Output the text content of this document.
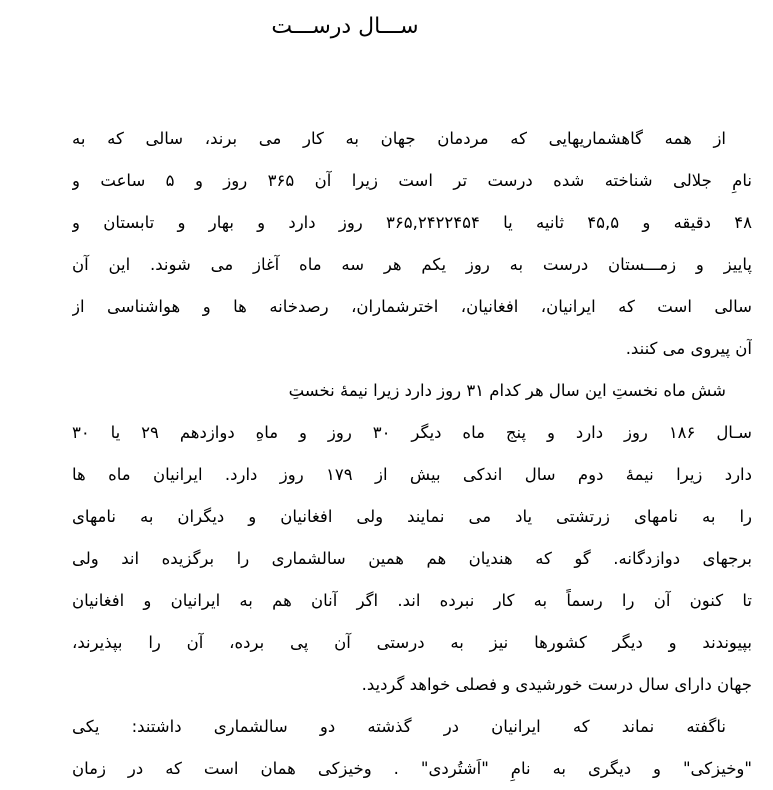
ســـال درســـت
از همه گاهشماریهایی که مردمان جهان به کار می برند، سالی که به
نامِ جلالی شناخته شده درست تر است زیرا آن ۳۶۵ روز و ۵ ساعت و
۴۸ دقیقه و ۴۵,۵ ثانیه یا ۳۶۵,۲۴۲۲۴۵۴ روز دارد و بهار و تابستان و
پاییز و زمـــستان درست به روز یکم هر سه ماه آغاز می شوند. این آن
سالی است که ایرانیان، افغانیان، اخترشماران، رصدخانه ها و هواشناسی از
آن پیروی می کنند.
شش ماه نخستِ این سال هر کدام ۳۱ روز دارد زیرا نیمهٔ نخستِ
سـال ۱۸۶ روز دارد و پنج ماه دیگر ۳۰ روز و ماهِ دوازدهم ۲۹ یا ۳۰
دارد زیرا نیمهٔ دوم سال اندکی بیش از ۱۷۹ روز دارد. ایرانیان ماه ها
را به نامهای زرتشتی یاد می نمایند ولی افغانیان و دیگران به نامهای
برجهای دوازدگانه. گو که هندیان هم همین سالشماری را برگزیده اند ولی
تا کنون آن را رسماً به کار نبرده اند. اگر آنان هم به ایرانیان و افغانیان
بپیوندند و دیگر کشورها نیز به درستی آن پی برده، آن را بپذیرند،
جهان دارای سال درست خورشیدی و فصلی خواهد گردید.
ناگفته نماند که ایرانیان در گذشته دو سالشماری داشتند: یکی
"وخیزکی" و دیگری به نامِ "اَشتُردی" . وخیزکی همان است که در زمان
